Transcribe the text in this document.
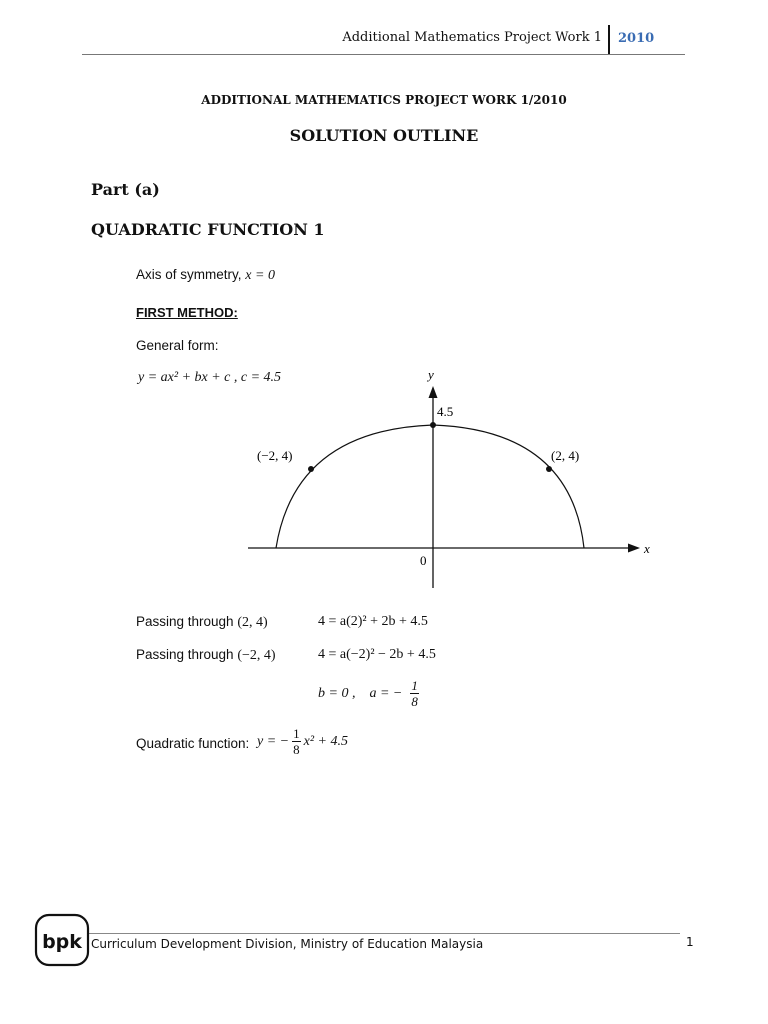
Additional Mathematics Project Work 1 2010
ADDITIONAL MATHEMATICS PROJECT WORK 1/2010
SOLUTION OUTLINE
Part (a)
QUADRATIC FUNCTION 1
Axis of symmetry, x = 0
FIRST METHOD:
General form:
y = ax² + bx + c , c = 4.5	y
x
0
4.5
(−2, 4)	(2, 4)
Passing through (2, 4)	4 = a(2)² + 2b + 4.5
Passing through (−2, 4)	4 = a(−2)² − 2b + 4.5
b = 0 , a = − $\frac{1}{8}$
Quadratic function: y = − $\frac{1}{8} x^2 + 4.5$
bpk Curriculum Development Division, Ministry of Education Malaysia	1
